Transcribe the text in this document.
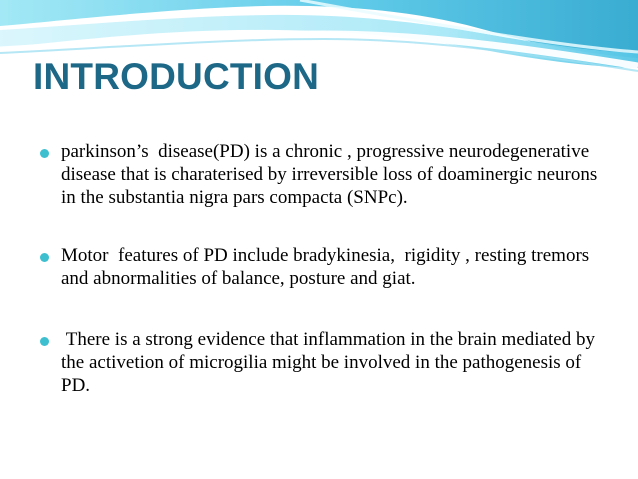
INTRODUCTION
parkinson’s  disease(PD) is a chronic , progressive neurodegenerative disease that is charaterised by irreversible loss of doaminergic neurons in the substantia nigra pars compacta (SNPc).
Motor  features of PD include bradykinesia,  rigidity , resting tremors and abnormalities of balance, posture and giat.
There is a strong evidence that inflammation in the brain mediated by the activetion of microgilia might be involved in the pathogenesis of PD.
